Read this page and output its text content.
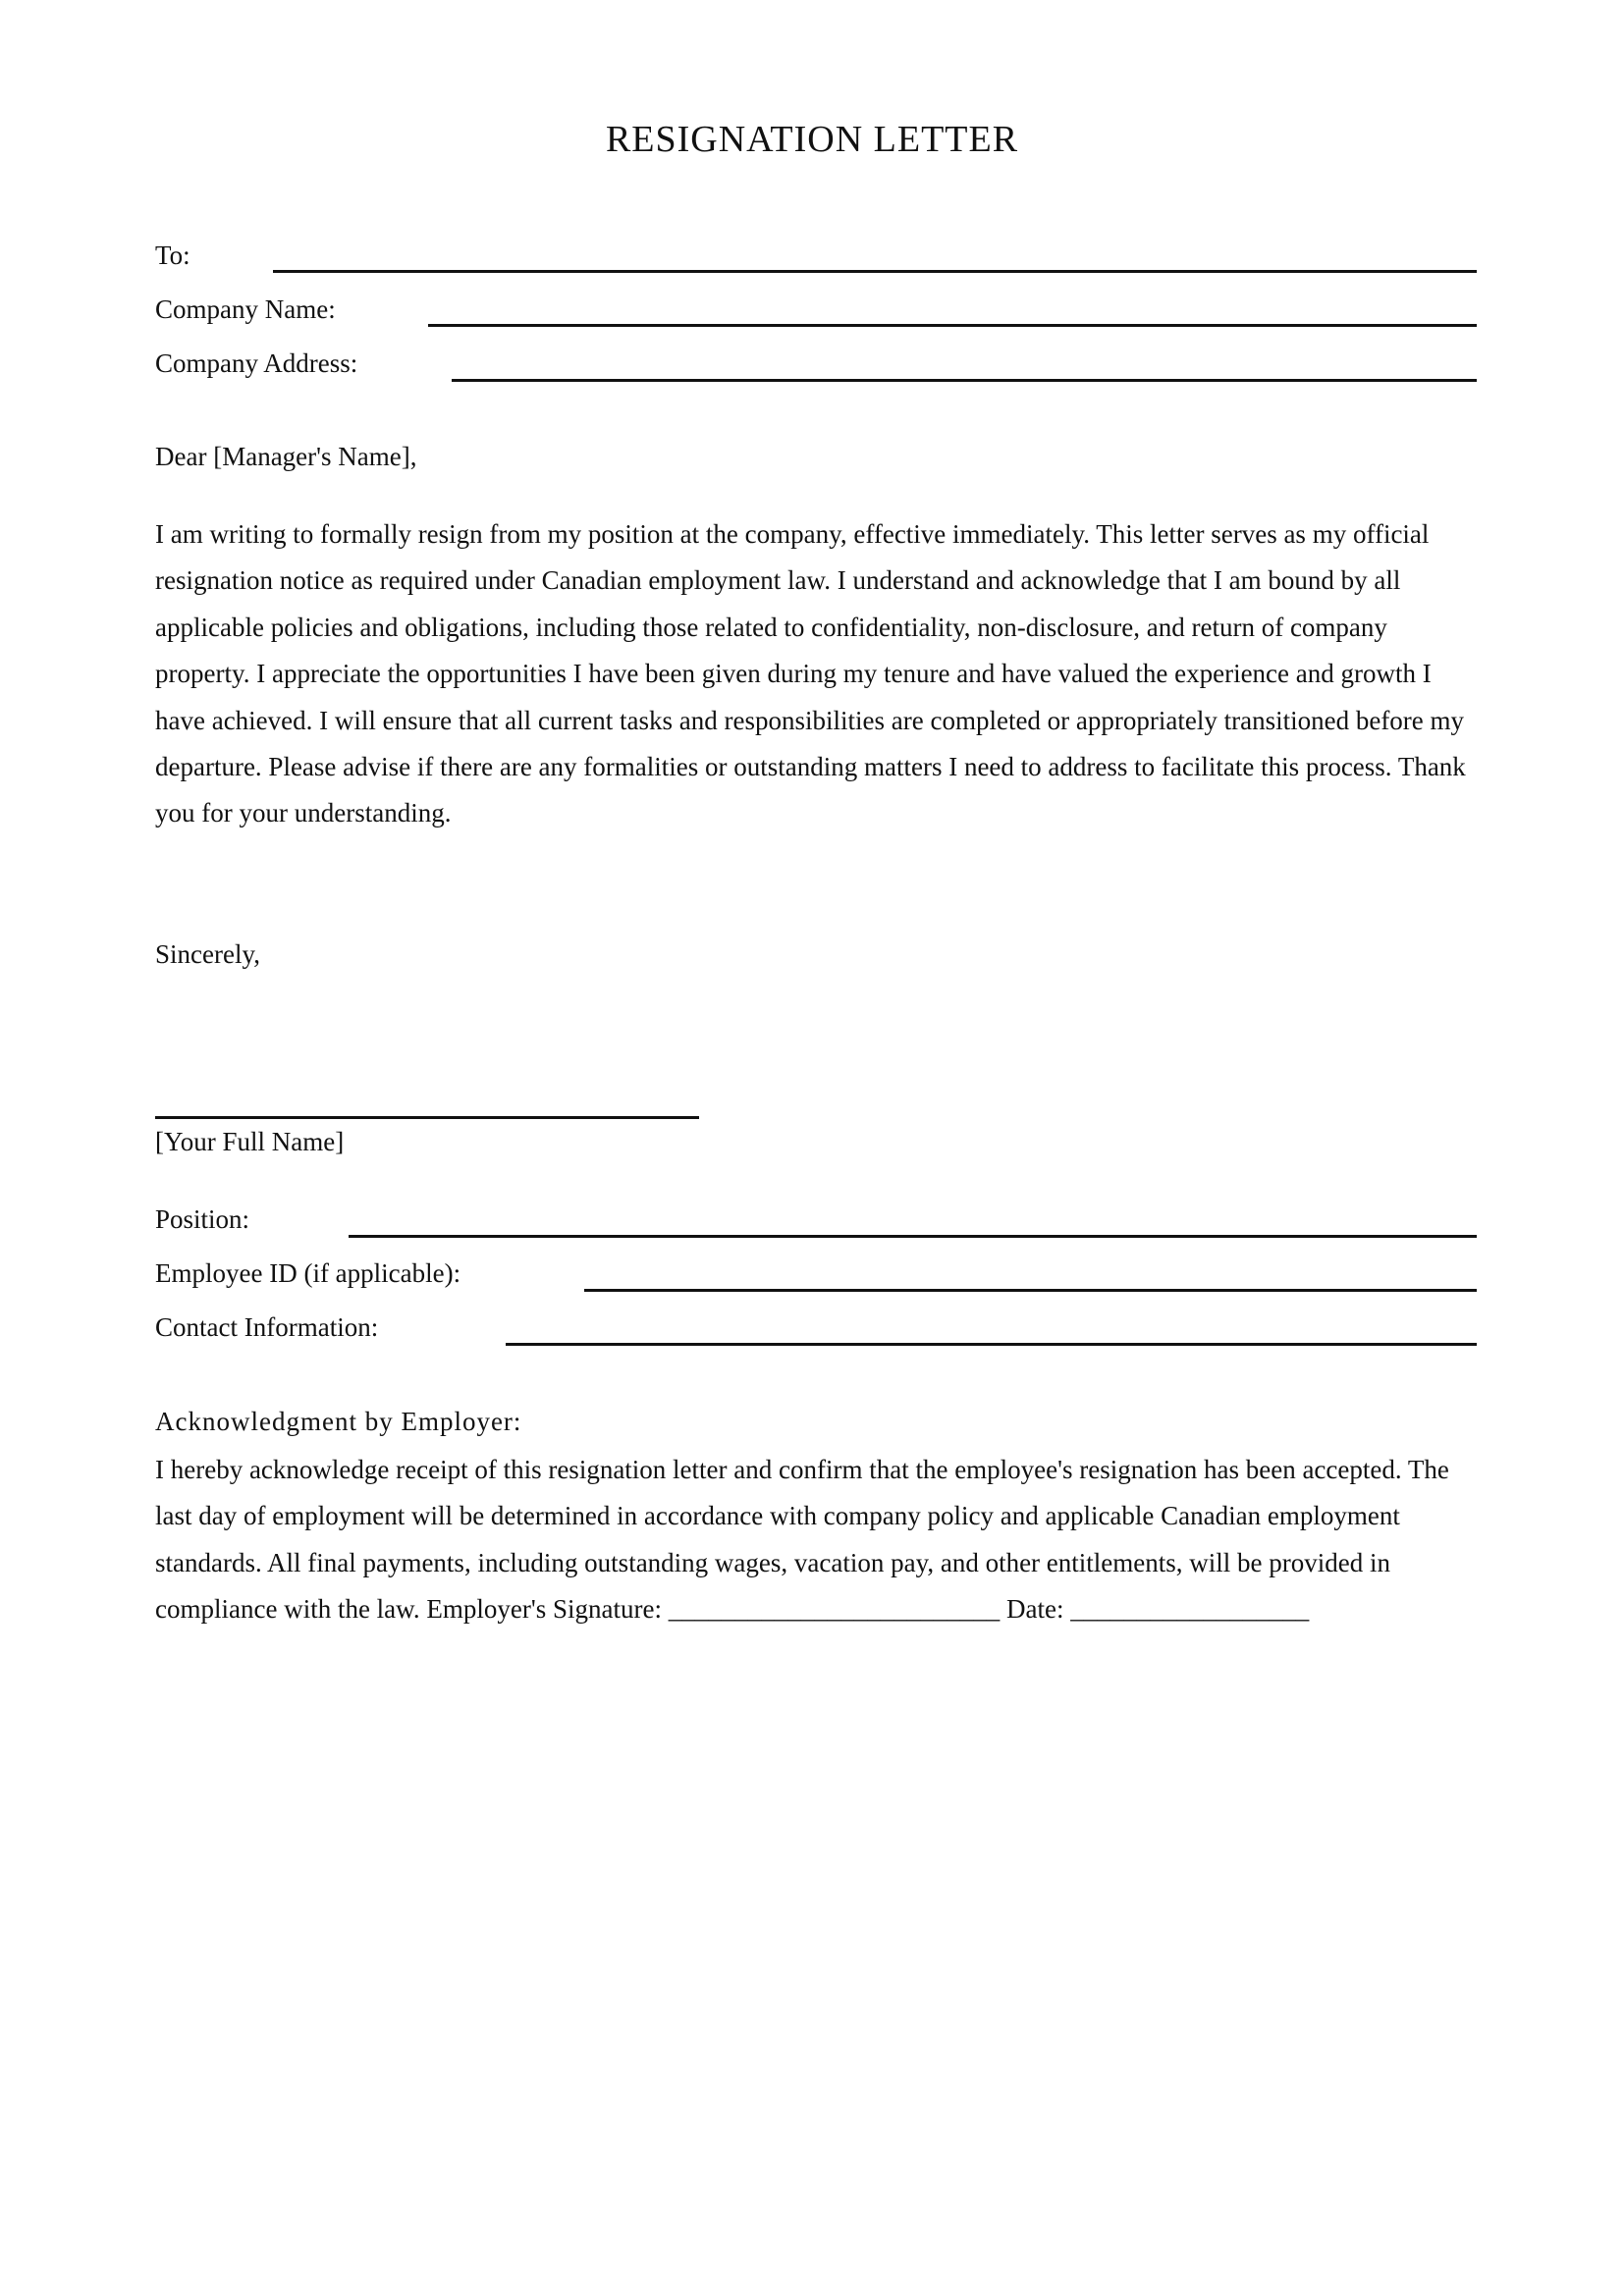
RESIGNATION LETTER
To:
Company Name:
Company Address:

Dear [Manager's Name],

I am writing to formally resign from my position at the company, effective immediately. This letter serves as my official resignation notice as required under Canadian employment law. I understand and acknowledge that I am bound by all applicable policies and obligations, including those related to confidentiality, non-disclosure, and return of company property. I appreciate the opportunities I have been given during my tenure and have valued the experience and growth I have achieved. I will ensure that all current tasks and responsibilities are completed or appropriately transitioned before my departure. Please advise if there are any formalities or outstanding matters I need to address to facilitate this process. Thank you for your understanding.

Sincerely,

[Your Full Name]

Position:
Employee ID (if applicable):
Contact Information:
Acknowledgment by Employer:

I hereby acknowledge receipt of this resignation letter and confirm that the employee's resignation has been accepted. The last day of employment will be determined in accordance with company policy and applicable Canadian employment standards. All final payments, including outstanding wages, vacation pay, and other entitlements, will be provided in compliance with the law. Employer's Signature: _________________________ Date: __________________
